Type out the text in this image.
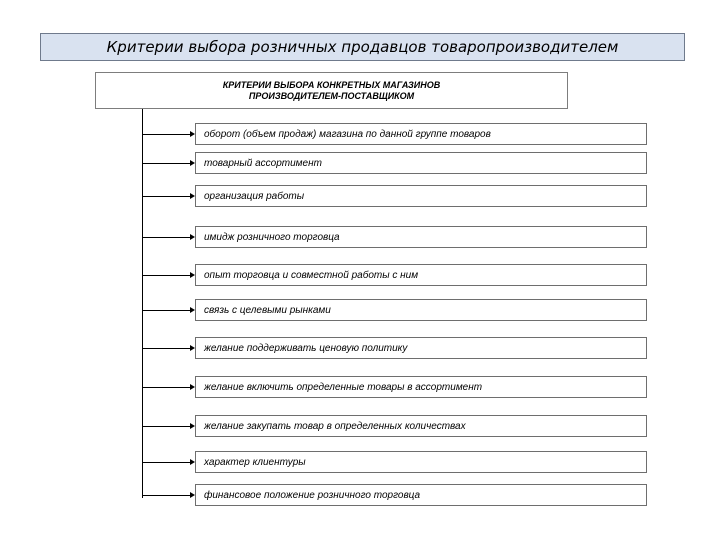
Критерии выбора розничных продавцов товаропроизводителем
КРИТЕРИИ ВЫБОРА КОНКРЕТНЫХ МАГАЗИНОВ
ПРОИЗВОДИТЕЛЕМ-ПОСТАВЩИКОМ
оборот (объем продаж) магазина по данной группе товаров
товарный ассортимент
организация работы
имидж розничного торговца
опыт торговца и совместной работы с ним
связь с целевыми рынками
желание поддерживать ценовую политику
желание включить определенные товары в ассортимент
желание закупать товар в определенных количествах
характер клиентуры
финансовое положение розничного торговца
